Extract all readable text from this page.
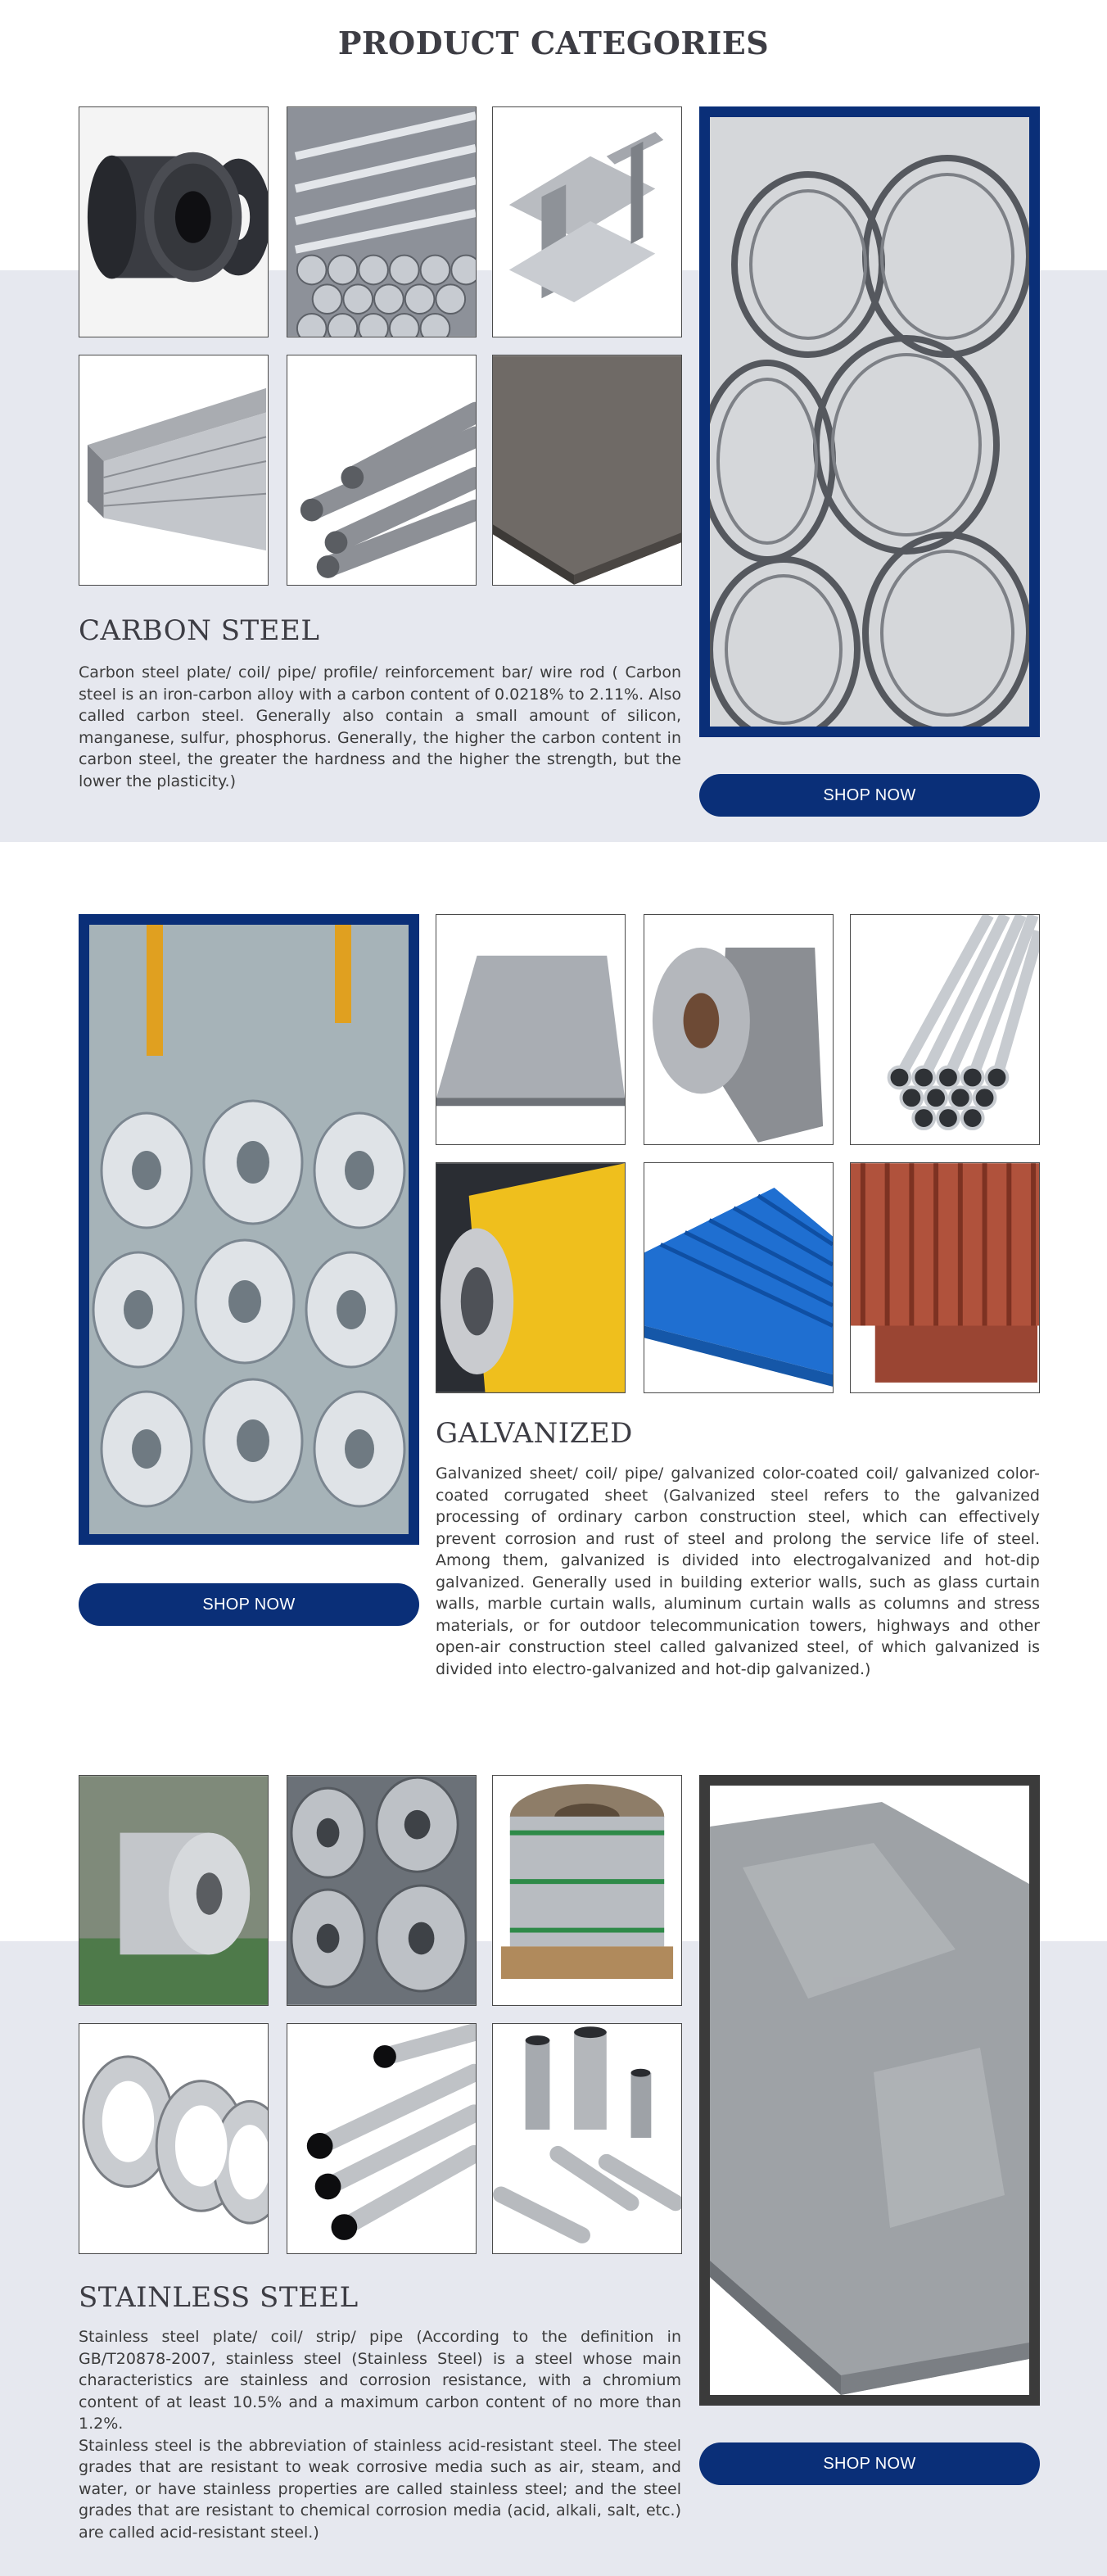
PRODUCT CATEGORIES
CARBON STEEL
Carbon steel plate/ coil/ pipe/ profile/ reinforcement bar/ wire rod ( Carbon steel is an iron-carbon alloy with a carbon content of 0.0218% to 2.11%. Also called carbon steel. Generally also contain a small amount of silicon, manganese, sulfur, phosphorus. Generally, the higher the carbon content in carbon steel, the greater the hardness and the higher the strength, but the lower the plasticity.)
SHOP NOW
GALVANIZED
Galvanized sheet/ coil/ pipe/ galvanized color-coated coil/ galvanized color-coated corrugated sheet (Galvanized steel refers to the galvanized processing of ordinary carbon construction steel, which can effectively prevent corrosion and rust of steel and prolong the service life of steel. Among them, galvanized is divided into electrogalvanized and hot-dip galvanized. Generally used in building exterior walls, such as glass curtain walls, marble curtain walls, aluminum curtain walls as columns and stress materials, or for outdoor telecommunication towers, highways and other open-air construction steel called galvanized steel, of which galvanized is divided into electro-galvanized and hot-dip galvanized.)
SHOP NOW
STAINLESS STEEL
Stainless steel plate/ coil/ strip/ pipe (According to the definition in GB/T20878-2007, stainless steel (Stainless Steel) is a steel whose main characteristics are stainless and corrosion resistance, with a chromium content of at least 10.5% and a maximum carbon content of no more than 1.2%.
Stainless steel is the abbreviation of stainless acid-resistant steel. The steel grades that are resistant to weak corrosive media such as air, steam, and water, or have stainless properties are called stainless steel; and the steel grades that are resistant to chemical corrosion media (acid, alkali, salt, etc.) are called acid-resistant steel.)
SHOP NOW
